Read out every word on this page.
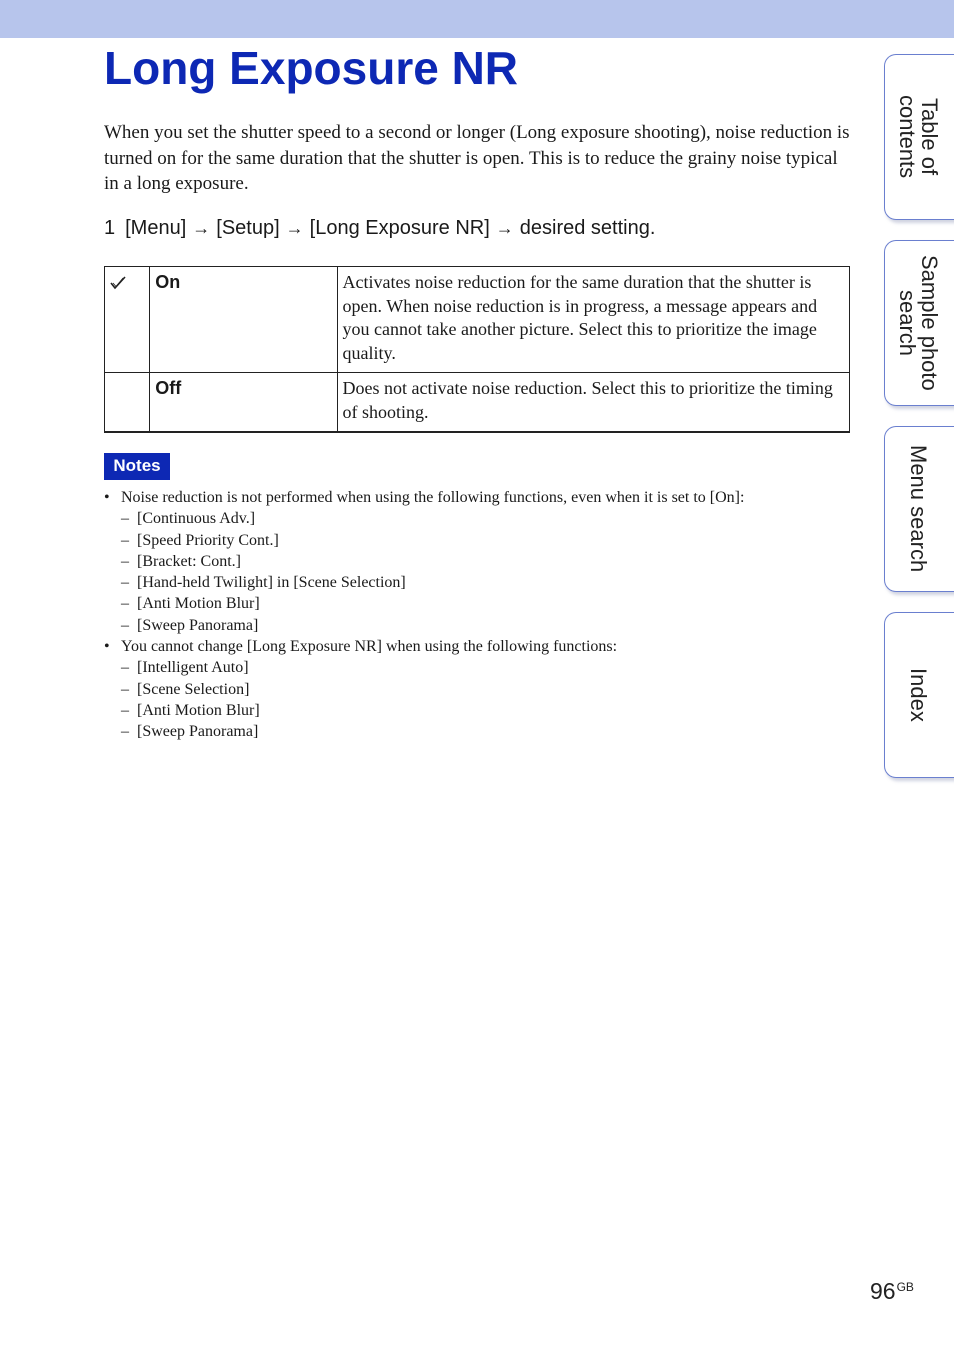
Long Exposure NR

When you set the shutter speed to a second or longer (Long exposure shooting), noise reduction is turned on for the same duration that the shutter is open. This is to reduce the grainy noise typical in a long exposure.

1 [Menu] → [Setup] → [Long Exposure NR] → desired setting.

	On	Activates noise reduction for the same duration that the shutter is open. When noise reduction is in progress, a message appears and you cannot take another picture. Select this to prioritize the image quality.
	Off	Does not activate noise reduction. Select this to prioritize the timing of shooting.
Notes
• Noise reduction is not performed when using the following functions, even when it is set to [On]:
– [Continuous Adv.]
– [Speed Priority Cont.]
– [Bracket: Cont.]
– [Hand-held Twilight] in [Scene Selection]
– [Anti Motion Blur]
– [Sweep Panorama]
• You cannot change [Long Exposure NR] when using the following functions:
– [Intelligent Auto]
– [Scene Selection]
– [Anti Motion Blur]
– [Sweep Panorama]
Table of contents
Sample photo search
Menu search
Index
$96^{GB}$
